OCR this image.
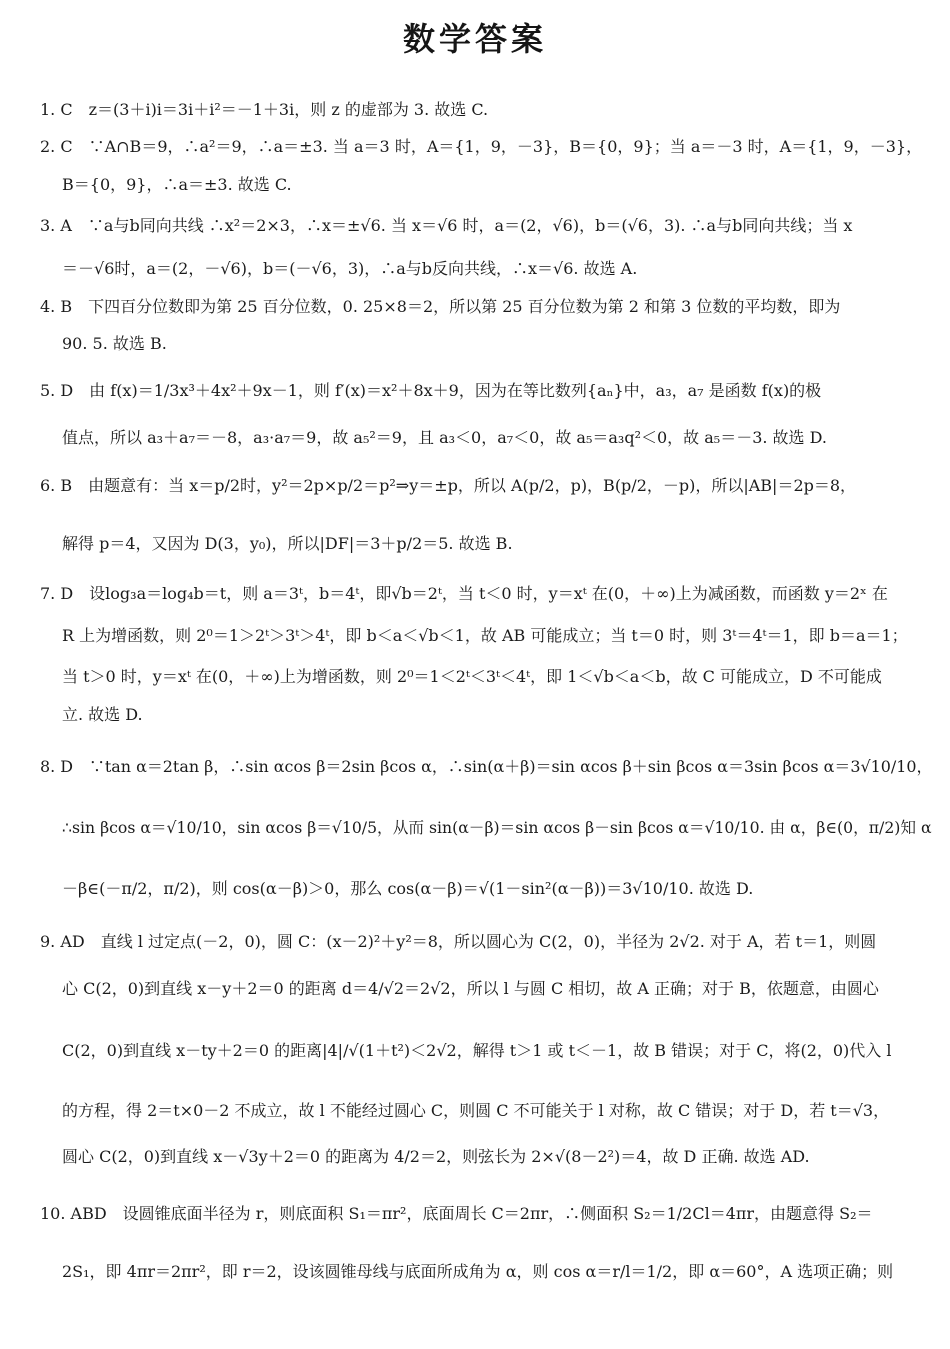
数学答案
1. C　z＝(3＋i)i＝3i＋i²＝－1＋3i，则 z 的虚部为 3. 故选 C.
2. C　∵A∩B＝9，∴a²＝9，∴a＝±3. 当 a＝3 时，A＝{1，9，－3}，B＝{0，9}；当 a＝－3 时，A＝{1，9，－3}，
B＝{0，9}，∴a＝±3. 故选 C.
3. A　∵a与b同向共线 ∴x²＝2×3，∴x＝±√6. 当 x＝√6 时，a＝(2，√6)，b＝(√6，3). ∴a与b同向共线；当 x
＝－√6时，a＝(2，－√6)，b＝(－√6，3)，∴a与b反向共线，∴x＝√6. 故选 A.
4. B　下四百分位数即为第 25 百分位数，0. 25×8＝2，所以第 25 百分位数为第 2 和第 3 位数的平均数，即为
90. 5. 故选 B.
5. D　由 f(x)＝1/3x³＋4x²＋9x－1，则 f′(x)＝x²＋8x＋9，因为在等比数列{aₙ}中，a₃，a₇ 是函数 f(x)的极
值点，所以 a₃＋a₇＝－8，a₃·a₇＝9，故 a₅²＝9，且 a₃＜0，a₇＜0，故 a₅＝a₃q²＜0，故 a₅＝－3. 故选 D.
6. B　由题意有：当 x＝p/2时，y²＝2p×p/2＝p²⇒y＝±p，所以 A(p/2，p)，B(p/2，－p)，所以|AB|＝2p＝8，
解得 p＝4，又因为 D(3，y₀)，所以|DF|＝3＋p/2＝5. 故选 B.
7. D　设log₃a＝log₄b＝t，则 a＝3ᵗ，b＝4ᵗ，即√b＝2ᵗ，当 t＜0 时，y＝xᵗ 在(0，＋∞)上为减函数，而函数 y＝2ˣ 在
R 上为增函数，则 2⁰＝1＞2ᵗ＞3ᵗ＞4ᵗ，即 b＜a＜√b＜1，故 AB 可能成立；当 t＝0 时，则 3ᵗ＝4ᵗ＝1，即 b＝a＝1；
当 t＞0 时，y＝xᵗ 在(0，＋∞)上为增函数，则 2⁰＝1＜2ᵗ＜3ᵗ＜4ᵗ，即 1＜√b＜a＜b，故 C 可能成立，D 不可能成
立. 故选 D.
8. D　∵tan α＝2tan β，∴sin αcos β＝2sin βcos α，∴sin(α＋β)＝sin αcos β＋sin βcos α＝3sin βcos α＝3√10/10，
∴sin βcos α＝√10/10，sin αcos β＝√10/5，从而 sin(α－β)＝sin αcos β－sin βcos α＝√10/10. 由 α，β∈(0，π/2)知 α
－β∈(－π/2，π/2)，则 cos(α－β)＞0，那么 cos(α－β)＝√(1－sin²(α－β))＝3√10/10. 故选 D.
9. AD　直线 l 过定点(－2，0)，圆 C：(x－2)²＋y²＝8，所以圆心为 C(2，0)，半径为 2√2. 对于 A，若 t＝1，则圆
心 C(2，0)到直线 x－y＋2＝0 的距离 d＝4/√2＝2√2，所以 l 与圆 C 相切，故 A 正确；对于 B，依题意，由圆心
C(2，0)到直线 x－ty＋2＝0 的距离|4|/√(1＋t²)＜2√2，解得 t＞1 或 t＜－1，故 B 错误；对于 C，将(2，0)代入 l
的方程，得 2＝t×0－2 不成立，故 l 不能经过圆心 C，则圆 C 不可能关于 l 对称，故 C 错误；对于 D，若 t＝√3，
圆心 C(2，0)到直线 x－√3y＋2＝0 的距离为 4/2＝2，则弦长为 2×√(8－2²)＝4，故 D 正确. 故选 AD.
10. ABD　设圆锥底面半径为 r，则底面积 S₁＝πr²，底面周长 C＝2πr，∴侧面积 S₂＝1/2Cl＝4πr，由题意得 S₂＝
2S₁，即 4πr＝2πr²，即 r＝2，设该圆锥母线与底面所成角为 α，则 cos α＝r/l＝1/2，即 α＝60°，A 选项正确；则
